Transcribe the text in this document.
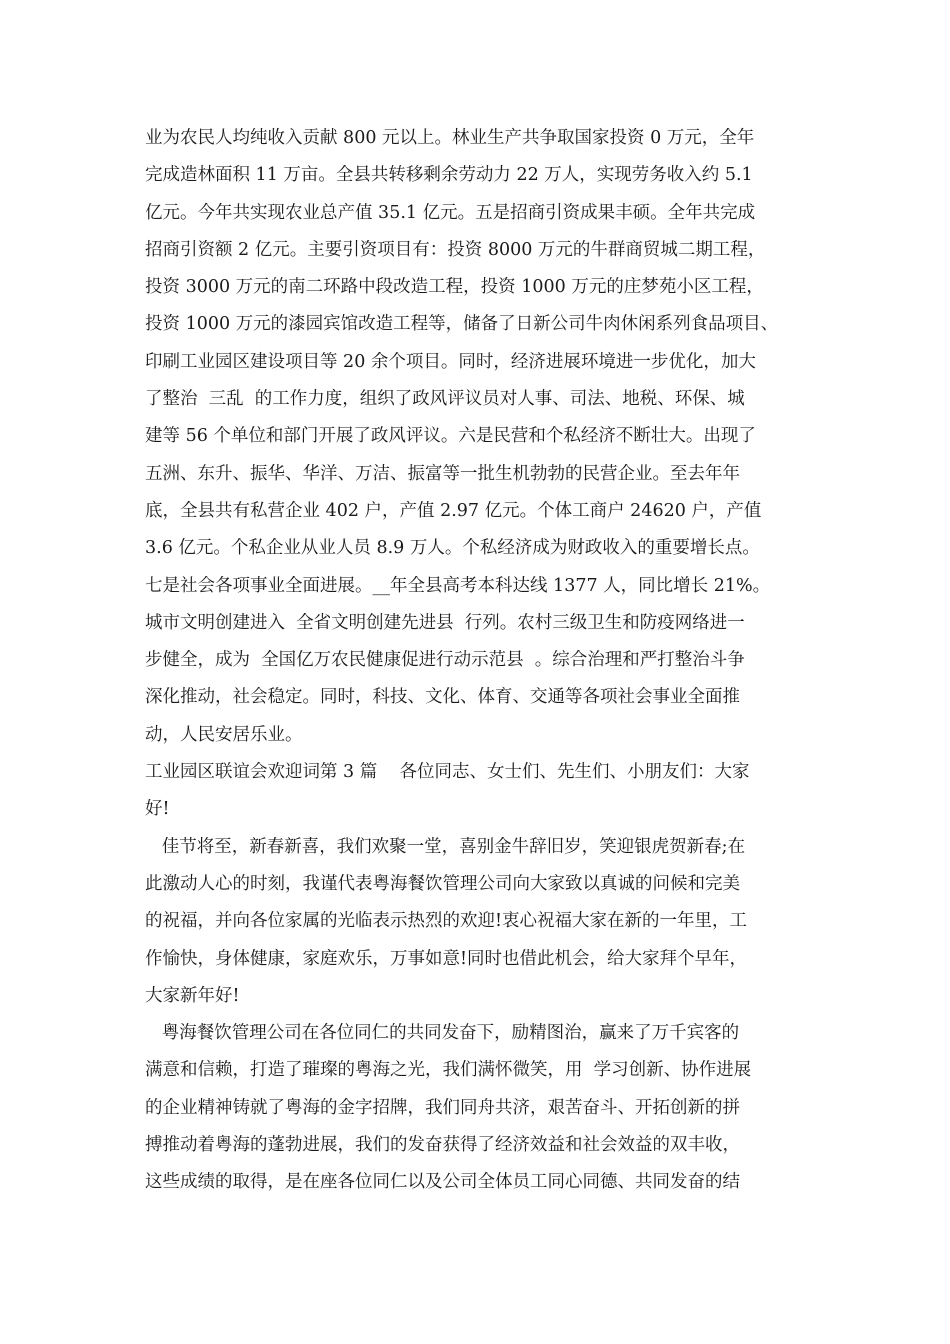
业为农民人均纯收入贡献 800 元以上。林业生产共争取国家投资 0 万元，全年
完成造林面积 11 万亩。全县共转移剩余劳动力 22 万人，实现劳务收入约 5.1
亿元。今年共实现农业总产值 35.1 亿元。五是招商引资成果丰硕。全年共完成
招商引资额 2 亿元。主要引资项目有：投资 8000 万元的牛群商贸城二期工程，
投资 3000 万元的南二环路中段改造工程，投资 1000 万元的庄梦苑小区工程，
投资 1000 万元的漆园宾馆改造工程等，储备了日新公司牛肉休闲系列食品项目、
印刷工业园区建设项目等 20 余个项目。同时，经济进展环境进一步优化，加大
了整治  三乱  的工作力度，组织了政风评议员对人事、司法、地税、环保、城
建等 56 个单位和部门开展了政风评议。六是民营和个私经济不断壮大。出现了
五洲、东升、振华、华洋、万洁、振富等一批生机勃勃的民营企业。至去年年
底，全县共有私营企业 402 户，产值 2.97 亿元。个体工商户 24620 户，产值
3.6 亿元。个私企业从业人员 8.9 万人。个私经济成为财政收入的重要增长点。
七是社会各项事业全面进展。__年全县高考本科达线 1377 人，同比增长 21%。
城市文明创建进入  全省文明创建先进县  行列。农村三级卫生和防疫网络进一
步健全，成为  全国亿万农民健康促进行动示范县  。综合治理和严打整治斗争
深化推动，社会稳定。同时，科技、文化、体育、交通等各项社会事业全面推
动，人民安居乐业。
工业园区联谊会欢迎词第 3 篇    各位同志、女士们、先生们、小朋友们：大家
好!
佳节将至，新春新喜，我们欢聚一堂，喜别金牛辞旧岁，笑迎银虎贺新春;在
此激动人心的时刻，我谨代表粤海餐饮管理公司向大家致以真诚的问候和完美
的祝福，并向各位家属的光临表示热烈的欢迎!衷心祝福大家在新的一年里，工
作愉快，身体健康，家庭欢乐，万事如意!同时也借此机会，给大家拜个早年，
大家新年好!
粤海餐饮管理公司在各位同仁的共同发奋下，励精图治，赢来了万千宾客的
满意和信赖，打造了璀璨的粤海之光，我们满怀微笑，用  学习创新、协作进展
的企业精神铸就了粤海的金字招牌，我们同舟共济，艰苦奋斗、开拓创新的拼
搏推动着粤海的蓬勃进展，我们的发奋获得了经济效益和社会效益的双丰收，
这些成绩的取得，是在座各位同仁以及公司全体员工同心同德、共同发奋的结
